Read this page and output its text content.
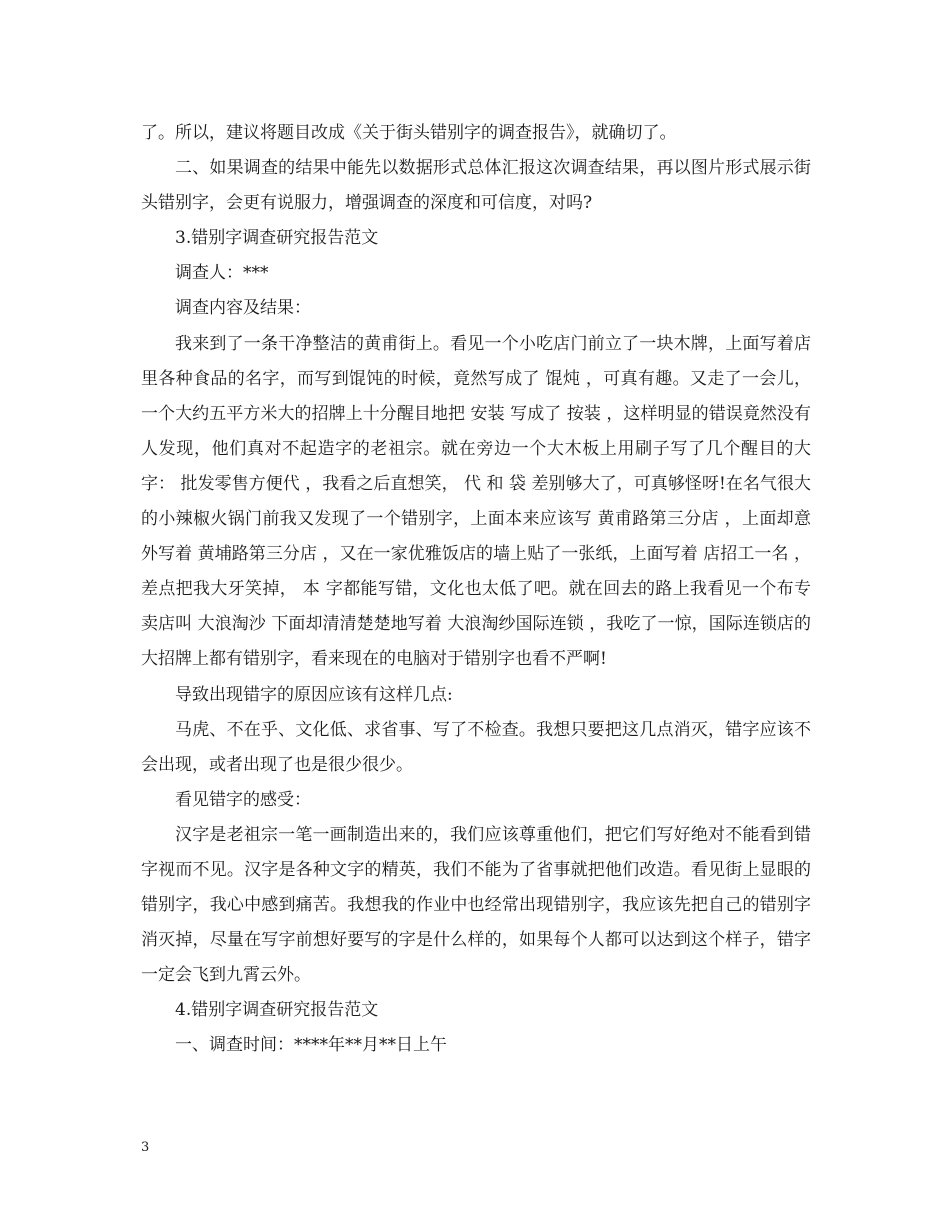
了。所以，建议将题目改成《关于街头错别字的调查报告》，就确切了。

二、如果调查的结果中能先以数据形式总体汇报这次调查结果，再以图片形式展示街头错别字，会更有说服力，增强调查的深度和可信度，对吗?

3.错别字调查研究报告范文

调查人：***

调查内容及结果：

我来到了一条干净整洁的黄甫街上。看见一个小吃店门前立了一块木牌，上面写着店里各种食品的名字，而写到馄饨的时候，竟然写成了 馄炖 ，可真有趣。又走了一会儿，一个大约五平方米大的招牌上十分醒目地把 安装 写成了 按装 ，这样明显的错误竟然没有人发现，他们真对不起造字的老祖宗。就在旁边一个大木板上用刷子写了几个醒目的大字： 批发零售方便代 ，我看之后直想笑， 代 和 袋 差别够大了，可真够怪呀!在名气很大的小辣椒火锅门前我又发现了一个错别字，上面本来应该写 黄甫路第三分店 ，上面却意外写着 黄埔路第三分店 ，又在一家优雅饭店的墙上贴了一张纸，上面写着 店招工一名 ，差点把我大牙笑掉， 本 字都能写错，文化也太低了吧。就在回去的路上我看见一个布专卖店叫 大浪淘沙 下面却清清楚楚地写着 大浪淘纱国际连锁 ，我吃了一惊，国际连锁店的大招牌上都有错别字，看来现在的电脑对于错别字也看不严啊!

导致出现错字的原因应该有这样几点:

马虎、不在乎、文化低、求省事、写了不检查。我想只要把这几点消灭，错字应该不会出现，或者出现了也是很少很少。

看见错字的感受：

汉字是老祖宗一笔一画制造出来的，我们应该尊重他们，把它们写好绝对不能看到错字视而不见。汉字是各种文字的精英，我们不能为了省事就把他们改造。看见街上显眼的错别字，我心中感到痛苦。我想我的作业中也经常出现错别字，我应该先把自己的错别字消灭掉，尽量在写字前想好要写的字是什么样的，如果每个人都可以达到这个样子，错字一定会飞到九霄云外。

4.错别字调查研究报告范文

一、调查时间：****年**月**日上午

3
